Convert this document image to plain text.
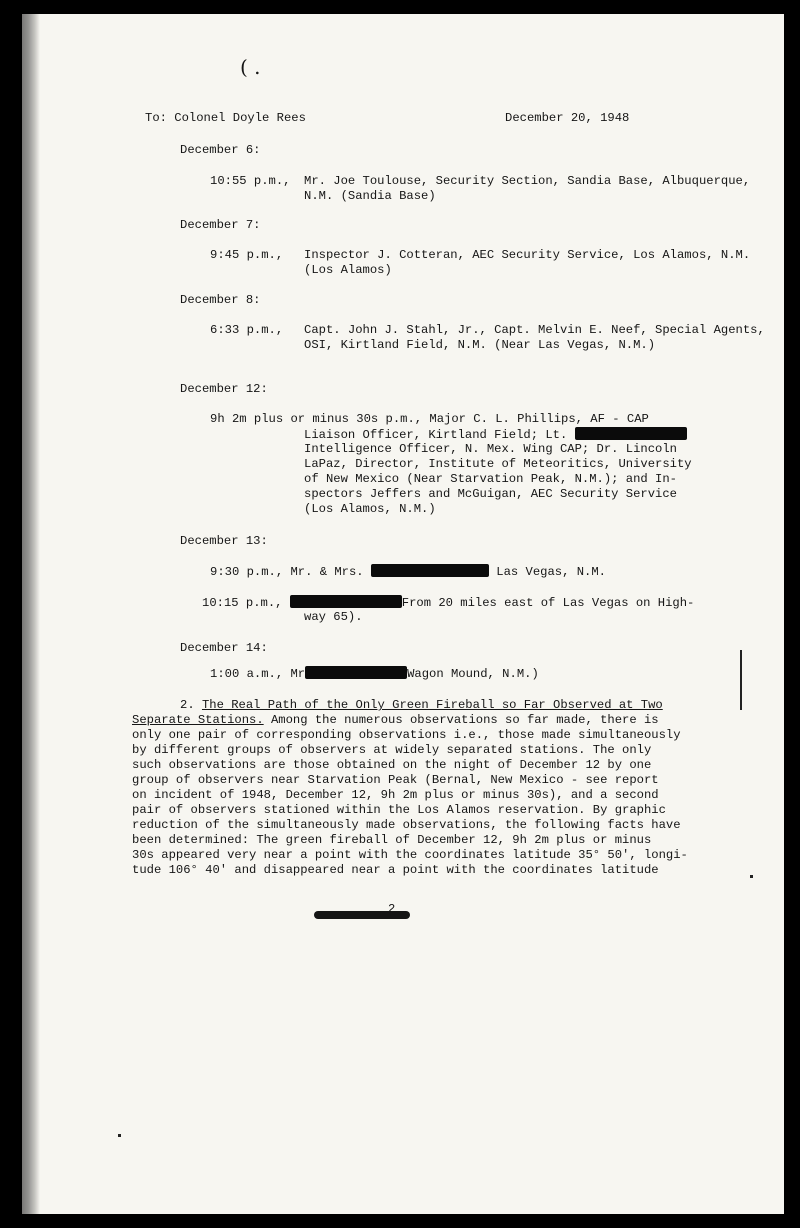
( .
To: Colonel Doyle Rees	December 20, 1948
December 6:
10:55 p.m., Mr. Joe Toulouse, Security Section, Sandia Base, Albuquerque, N.M. (Sandia Base)
December 7:
9:45 p.m., Inspector J. Cotteran, AEC Security Service, Los Alamos, N.M. (Los Alamos)
December 8:
6:33 p.m., Capt. John J. Stahl, Jr., Capt. Melvin E. Neef, Special Agents, OSI, Kirtland Field, N.M. (Near Las Vegas, N.M.)
December 12:
9h 2m plus or minus 30s p.m., Major C. L. Phillips, AF - CAP
Liaison Officer, Kirtland Field; Lt.
Intelligence Officer, N. Mex. Wing CAP; Dr. Lincoln
LaPaz, Director, Institute of Meteoritics, University
of New Mexico (Near Starvation Peak, N.M.); and In-
spectors Jeffers and McGuigan, AEC Security Service
(Los Alamos, N.M.)
December 13:
9:30 p.m., Mr. & Mrs.	Las Vegas, N.M.
10:15 p.m.,	From 20 miles east of Las Vegas on High-
way 65).
December 14:
1:00 a.m., Mr	Wagon Mound, N.M.)
2. The Real Path of the Only Green Fireball so Far Observed at Two
Separate Stations. Among the numerous observations so far made, there is
only one pair of corresponding observations i.e., those made simultaneously
by different groups of observers at widely separated stations. The only
such observations are those obtained on the night of December 12 by one
group of observers near Starvation Peak (Bernal, New Mexico - see report
on incident of 1948, December 12, 9h 2m plus or minus 30s), and a second
pair of observers stationed within the Los Alamos reservation. By graphic
reduction of the simultaneously made observations, the following facts have
been determined: The green fireball of December 12, 9h 2m plus or minus
30s appeared very near a point with the coordinates latitude 35° 50', longi-
tude 106° 40' and disappeared near a point with the coordinates latitude
2
